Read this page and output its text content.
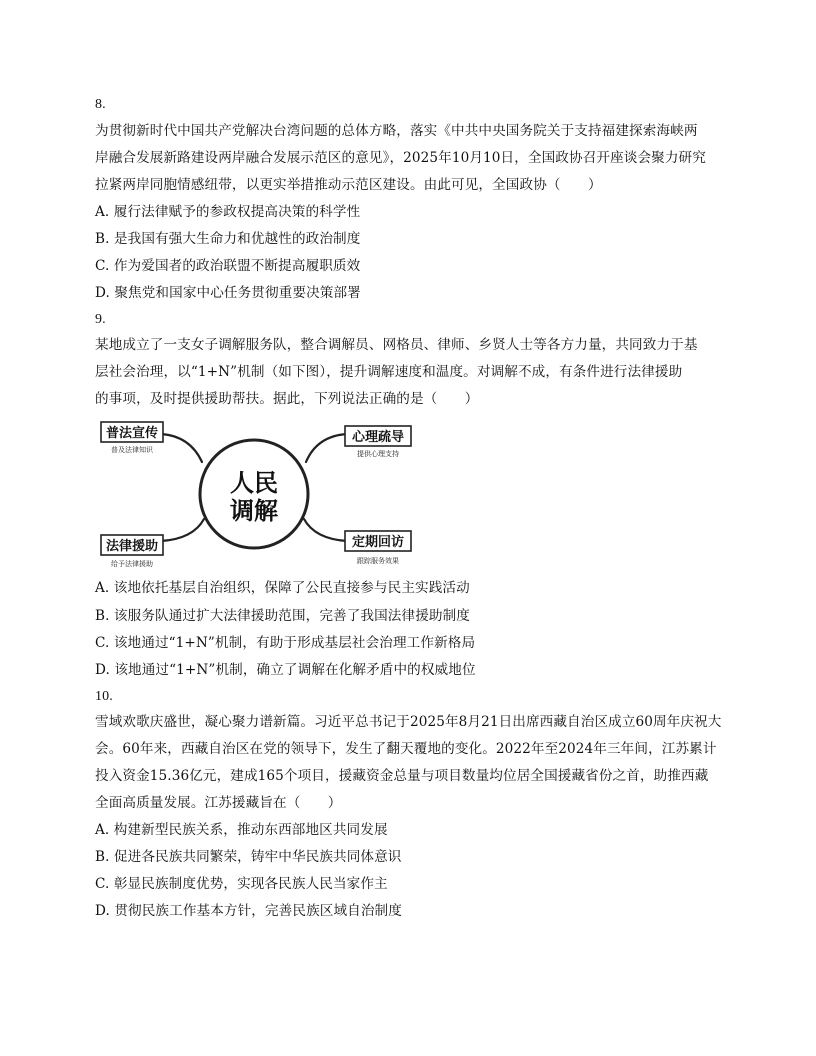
8.
为贯彻新时代中国共产党解决台湾问题的总体方略，落实《中共中央国务院关于支持福建探索海峡两
岸融合发展新路建设两岸融合发展示范区的意见》，2025年10月10日，全国政协召开座谈会聚力研究
拉紧两岸同胞情感纽带，以更实举措推动示范区建设。由此可见，全国政协（　　）
A. 履行法律赋予的参政权提高决策的科学性
B. 是我国有强大生命力和优越性的政治制度
C. 作为爱国者的政治联盟不断提高履职质效
D. 聚焦党和国家中心任务贯彻重要决策部署
9.
某地成立了一支女子调解服务队，整合调解员、网格员、律师、乡贤人士等各方力量，共同致力于基
层社会治理，以“1+N”机制（如下图），提升调解速度和温度。对调解不成，有条件进行法律援助
的事项，及时提供援助帮扶。据此，下列说法正确的是（　　）
人民
调解
普法宣传
普及法律知识
心理疏导
提供心理支持
法律援助
给予法律援助
定期回访
跟踪服务效果
A. 该地依托基层自治组织，保障了公民直接参与民主实践活动
B. 该服务队通过扩大法律援助范围，完善了我国法律援助制度
C. 该地通过“1+N”机制，有助于形成基层社会治理工作新格局
D. 该地通过“1+N”机制，确立了调解在化解矛盾中的权威地位
10.
雪域欢歌庆盛世，凝心聚力谱新篇。习近平总书记于2025年8月21日出席西藏自治区成立60周年庆祝大
会。60年来，西藏自治区在党的领导下，发生了翻天覆地的变化。2022年至2024年三年间，江苏累计
投入资金15.36亿元，建成165个项目，援藏资金总量与项目数量均位居全国援藏省份之首，助推西藏
全面高质量发展。江苏援藏旨在（　　）
A. 构建新型民族关系，推动东西部地区共同发展
B. 促进各民族共同繁荣，铸牢中华民族共同体意识
C. 彰显民族制度优势，实现各民族人民当家作主
D. 贯彻民族工作基本方针，完善民族区域自治制度
